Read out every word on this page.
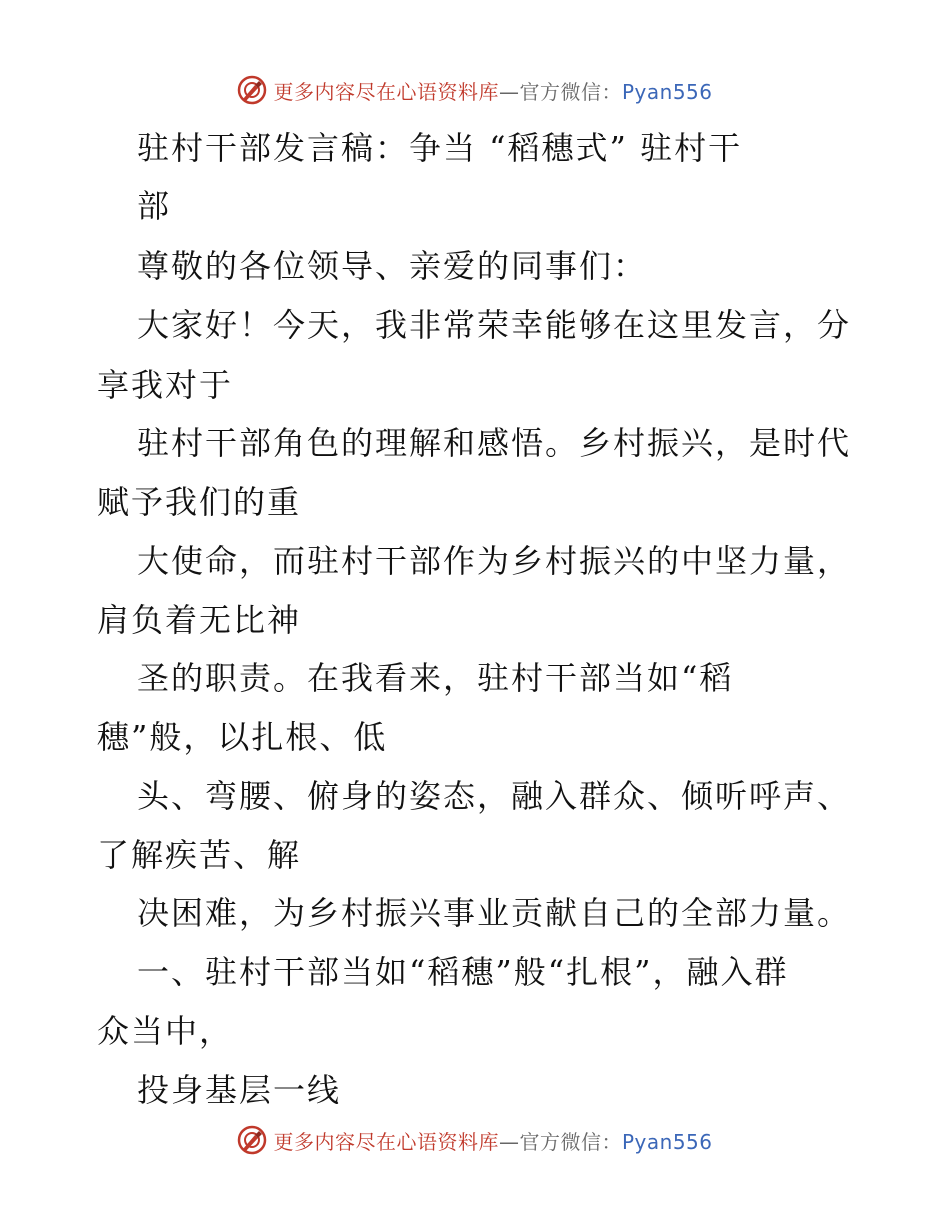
更多内容尽在心语资料库—官方微信：Pyan556
驻村干部发言稿：争当 “稻穗式” 驻村干
部
尊敬的各位领导、亲爱的同事们：
大家好！今天，我非常荣幸能够在这里发言，分
享我对于
驻村干部角色的理解和感悟。乡村振兴，是时代
赋予我们的重
大使命，而驻村干部作为乡村振兴的中坚力量，
肩负着无比神
圣的职责。在我看来，驻村干部当如“稻
穗”般，以扎根、低
头、弯腰、俯身的姿态，融入群众、倾听呼声、
了解疾苦、解
决困难，为乡村振兴事业贡献自己的全部力量。
一、驻村干部当如“稻穗”般“扎根”，融入群
众当中，
投身基层一线
更多内容尽在心语资料库—官方微信：Pyan556
